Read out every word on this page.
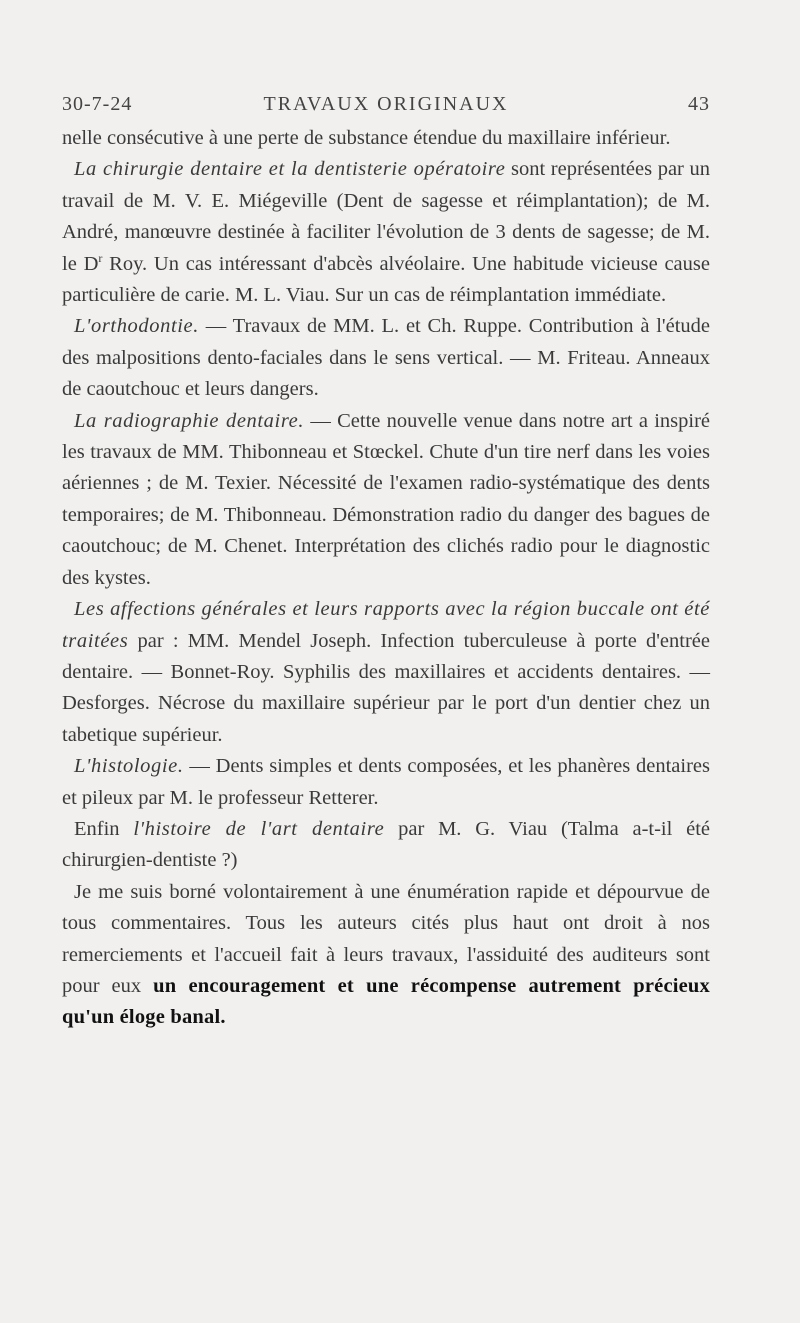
30-7-24	TRAVAUX ORIGINAUX	43

nelle consécutive à une perte de substance étendue du maxillaire inférieur.

La chirurgie dentaire et la dentisterie opératoire sont représentées par un travail de M. V. E. Miégeville (Dent de sagesse et réimplantation); de M. André, manœuvre destinée à faciliter l'évolution de 3 dents de sagesse; de M. le $D^r$ Roy. Un cas intéressant d'abcès alvéolaire. Une habitude vicieuse cause particulière de carie. M. L. Viau. Sur un cas de réimplantation immédiate.

L'orthodontie. — Travaux de MM. L. et Ch. Ruppe. Contribution à l'étude des malpositions dento-faciales dans le sens vertical. — M. Friteau. Anneaux de caoutchouc et leurs dangers.

La radiographie dentaire. — Cette nouvelle venue dans notre art a inspiré les travaux de MM. Thibonneau et Stœckel. Chute d'un tire nerf dans les voies aériennes ; de M. Texier. Nécessité de l'examen radio-systématique des dents temporaires; de M. Thibonneau. Démonstration radio du danger des bagues de caoutchouc; de M. Chenet. Interprétation des clichés radio pour le diagnostic des kystes.

Les affections générales et leurs rapports avec la région buccale ont été traitées par : MM. Mendel Joseph. Infection tuberculeuse à porte d'entrée dentaire. — Bonnet-Roy. Syphilis des maxillaires et accidents dentaires. — Desforges. Nécrose du maxillaire supérieur par le port d'un dentier chez un tabetique supérieur.

L'histologie. — Dents simples et dents composées, et les phanères dentaires et pileux par M. le professeur Retterer.

Enfin l'histoire de l'art dentaire par M. G. Viau (Talma a-t-il été chirurgien-dentiste ?)

Je me suis borné volontairement à une énumération rapide et dépourvue de tous commentaires. Tous les auteurs cités plus haut ont droit à nos remerciements et l'accueil fait à leurs travaux, l'assiduité des auditeurs sont pour eux un encouragement et une récompense autrement précieux qu'un éloge banal.
